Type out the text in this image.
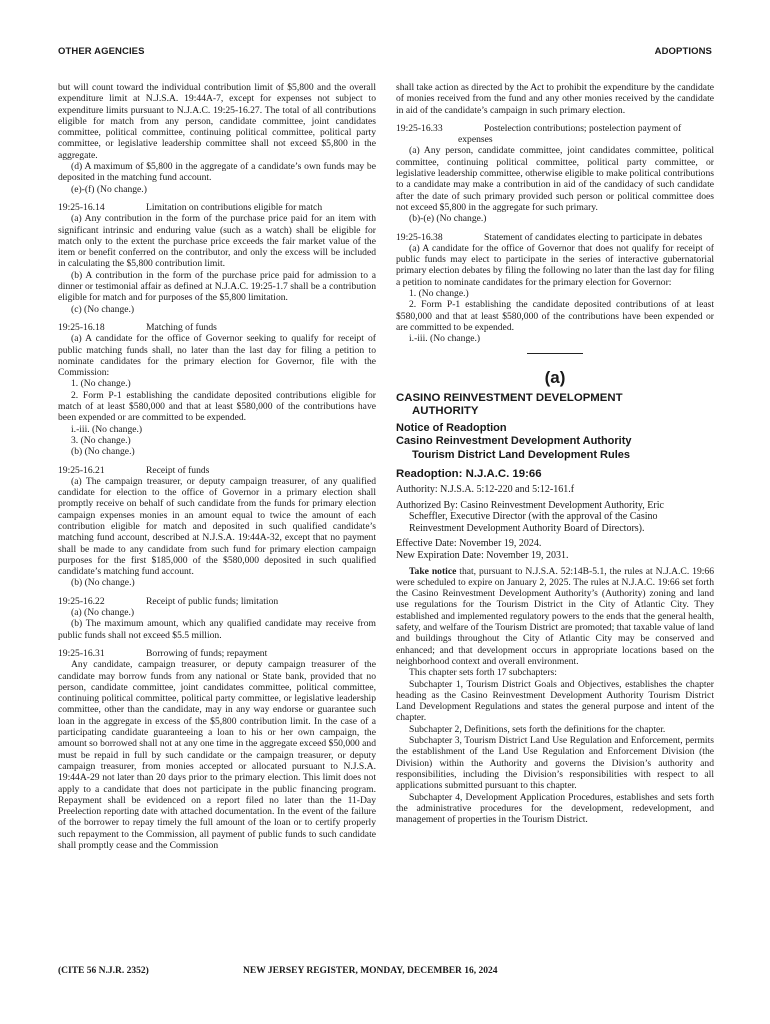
OTHER AGENCIES	ADOPTIONS

but will count toward the individual contribution limit of $5,800 and the overall expenditure limit at N.J.S.A. 19:44A-7, except for expenses not subject to expenditure limits pursuant to N.J.A.C. 19:25-16.27. The total of all contributions eligible for match from any person, candidate committee, joint candidates committee, political committee, continuing political committee, political party committee, or legislative leadership committee shall not exceed $5,800 in the aggregate.

(d) A maximum of $5,800 in the aggregate of a candidate’s own funds may be deposited in the matching fund account.

(e)-(f) (No change.)

19:25-16.14	Limitation on contributions eligible for match

(a) Any contribution in the form of the purchase price paid for an item with significant intrinsic and enduring value (such as a watch) shall be eligible for match only to the extent the purchase price exceeds the fair market value of the item or benefit conferred on the contributor, and only the excess will be included in calculating the $5,800 contribution limit.

(b) A contribution in the form of the purchase price paid for admission to a dinner or testimonial affair as defined at N.J.A.C. 19:25-1.7 shall be a contribution eligible for match and for purposes of the $5,800 limitation.

(c) (No change.)

19:25-16.18	Matching of funds

(a) A candidate for the office of Governor seeking to qualify for receipt of public matching funds shall, no later than the last day for filing a petition to nominate candidates for the primary election for Governor, file with the Commission:

1. (No change.)

2. Form P-1 establishing the candidate deposited contributions eligible for match of at least $580,000 and that at least $580,000 of the contributions have been expended or are committed to be expended.

i.-iii. (No change.)

3. (No change.)

(b) (No change.)

19:25-16.21	Receipt of funds

(a) The campaign treasurer, or deputy campaign treasurer, of any qualified candidate for election to the office of Governor in a primary election shall promptly receive on behalf of such candidate from the funds for primary election campaign expenses monies in an amount equal to twice the amount of each contribution eligible for match and deposited in such qualified candidate’s matching fund account, described at N.J.S.A. 19:44A-32, except that no payment shall be made to any candidate from such fund for primary election campaign purposes for the first $185,000 of the $580,000 deposited in such qualified candidate’s matching fund account.

(b) (No change.)

19:25-16.22	Receipt of public funds; limitation

(a) (No change.)

(b) The maximum amount, which any qualified candidate may receive from public funds shall not exceed $5.5 million.

19:25-16.31	Borrowing of funds; repayment

Any candidate, campaign treasurer, or deputy campaign treasurer of the candidate may borrow funds from any national or State bank, provided that no person, candidate committee, joint candidates committee, political committee, continuing political committee, political party committee, or legislative leadership committee, other than the candidate, may in any way endorse or guarantee such loan in the aggregate in excess of the $5,800 contribution limit. In the case of a participating candidate guaranteeing a loan to his or her own campaign, the amount so borrowed shall not at any one time in the aggregate exceed $50,000 and must be repaid in full by such candidate or the campaign treasurer, or deputy campaign treasurer, from monies accepted or allocated pursuant to N.J.S.A. 19:44A-29 not later than 20 days prior to the primary election. This limit does not apply to a candidate that does not participate in the public financing program. Repayment shall be evidenced on a report filed no later than the 11-Day Preelection reporting date with attached documentation. In the event of the failure of the borrower to repay timely the full amount of the loan or to certify properly such repayment to the Commission, all payment of public funds to such candidate shall promptly cease and the Commission

shall take action as directed by the Act to prohibit the expenditure by the candidate of monies received from the fund and any other monies received by the candidate in aid of the candidate’s campaign in such primary election.

19:25-16.33	Postelection contributions; postelection payment of

expenses

(a) Any person, candidate committee, joint candidates committee, political committee, continuing political committee, political party committee, or legislative leadership committee, otherwise eligible to make political contributions to a candidate may make a contribution in aid of the candidacy of such candidate after the date of such primary provided such person or political committee does not exceed $5,800 in the aggregate for such primary.

(b)-(e) (No change.)

19:25-16.38	Statement of candidates electing to participate in debates

(a) A candidate for the office of Governor that does not qualify for receipt of public funds may elect to participate in the series of interactive gubernatorial primary election debates by filing the following no later than the last day for filing a petition to nominate candidates for the primary election for Governor:

1. (No change.)

2. Form P-1 establishing the candidate deposited contributions of at least $580,000 and that at least $580,000 of the contributions have been expended or are committed to be expended.

i.-iii. (No change.)

(a)

CASINO REINVESTMENT DEVELOPMENT

AUTHORITY

Notice of Readoption

Casino Reinvestment Development Authority

Tourism District Land Development Rules

Readoption: N.J.A.C. 19:66

Authority: N.J.S.A. 5:12-220 and 5:12-161.f

Authorized By: Casino Reinvestment Development Authority, Eric

Scheffler, Executive Director (with the approval of the Casino

Reinvestment Development Authority Board of Directors).

Effective Date: November 19, 2024.

New Expiration Date: November 19, 2031.

Take notice that, pursuant to N.J.S.A. 52:14B-5.1, the rules at N.J.A.C. 19:66 were scheduled to expire on January 2, 2025. The rules at N.J.A.C. 19:66 set forth the Casino Reinvestment Development Authority’s (Authority) zoning and land use regulations for the Tourism District in the City of Atlantic City. They established and implemented regulatory powers to the ends that the general health, safety, and welfare of the Tourism District are promoted; that taxable value of land and buildings throughout the City of Atlantic City may be conserved and enhanced; and that development occurs in appropriate locations based on the neighborhood context and overall environment.

This chapter sets forth 17 subchapters:

Subchapter 1, Tourism District Goals and Objectives, establishes the chapter heading as the Casino Reinvestment Development Authority Tourism District Land Development Regulations and states the general purpose and intent of the chapter.

Subchapter 2, Definitions, sets forth the definitions for the chapter.

Subchapter 3, Tourism District Land Use Regulation and Enforcement, permits the establishment of the Land Use Regulation and Enforcement Division (the Division) within the Authority and governs the Division’s authority and responsibilities, including the Division’s responsibilities with respect to all applications submitted pursuant to this chapter.

Subchapter 4, Development Application Procedures, establishes and sets forth the administrative procedures for the development, redevelopment, and management of properties in the Tourism District.

(CITE 56 N.J.R. 2352)	NEW JERSEY REGISTER, MONDAY, DECEMBER 16, 2024
